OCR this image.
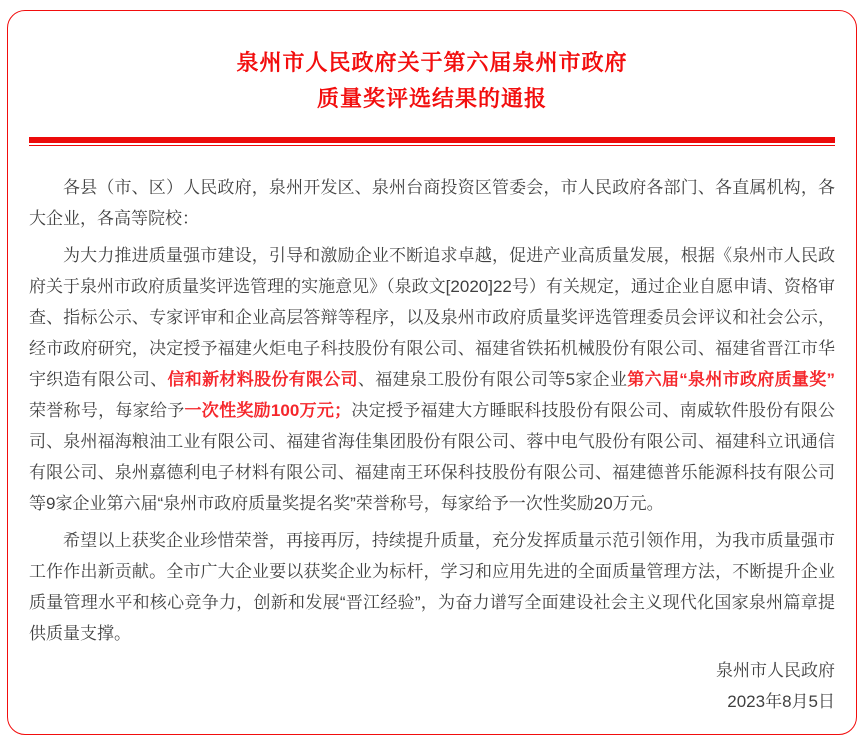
泉州市人民政府关于第六届泉州市政府
质量奖评选结果的通报

各县（市、区）人民政府，泉州开发区、泉州台商投资区管委会，市人民政府各部门、各直属机构，各大企业，各高等院校：

为大力推进质量强市建设，引导和激励企业不断追求卓越，促进产业高质量发展，根据《泉州市人民政府关于泉州市政府质量奖评选管理的实施意见》（泉政文[2020]22号）有关规定，通过企业自愿申请、资格审查、指标公示、专家评审和企业高层答辩等程序，以及泉州市政府质量奖评选管理委员会评议和社会公示，经市政府研究，决定授予福建火炬电子科技股份有限公司、福建省铁拓机械股份有限公司、福建省晋江市华宇织造有限公司、信和新材料股份有限公司、福建泉工股份有限公司等5家企业第六届“泉州市政府质量奖”荣誉称号，每家给予一次性奖励100万元；决定授予福建大方睡眠科技股份有限公司、南威软件股份有限公司、泉州福海粮油工业有限公司、福建省海佳集团股份有限公司、蓉中电气股份有限公司、福建科立讯通信有限公司、泉州嘉德利电子材料有限公司、福建南王环保科技股份有限公司、福建德普乐能源科技有限公司等9家企业第六届“泉州市政府质量奖提名奖”荣誉称号，每家给予一次性奖励20万元。

希望以上获奖企业珍惜荣誉，再接再厉，持续提升质量，充分发挥质量示范引领作用，为我市质量强市工作作出新贡献。全市广大企业要以获奖企业为标杆，学习和应用先进的全面质量管理方法，不断提升企业质量管理水平和核心竞争力，创新和发展“晋江经验”，为奋力谱写全面建设社会主义现代化国家泉州篇章提供质量支撑。

泉州市人民政府

2023年8月5日
